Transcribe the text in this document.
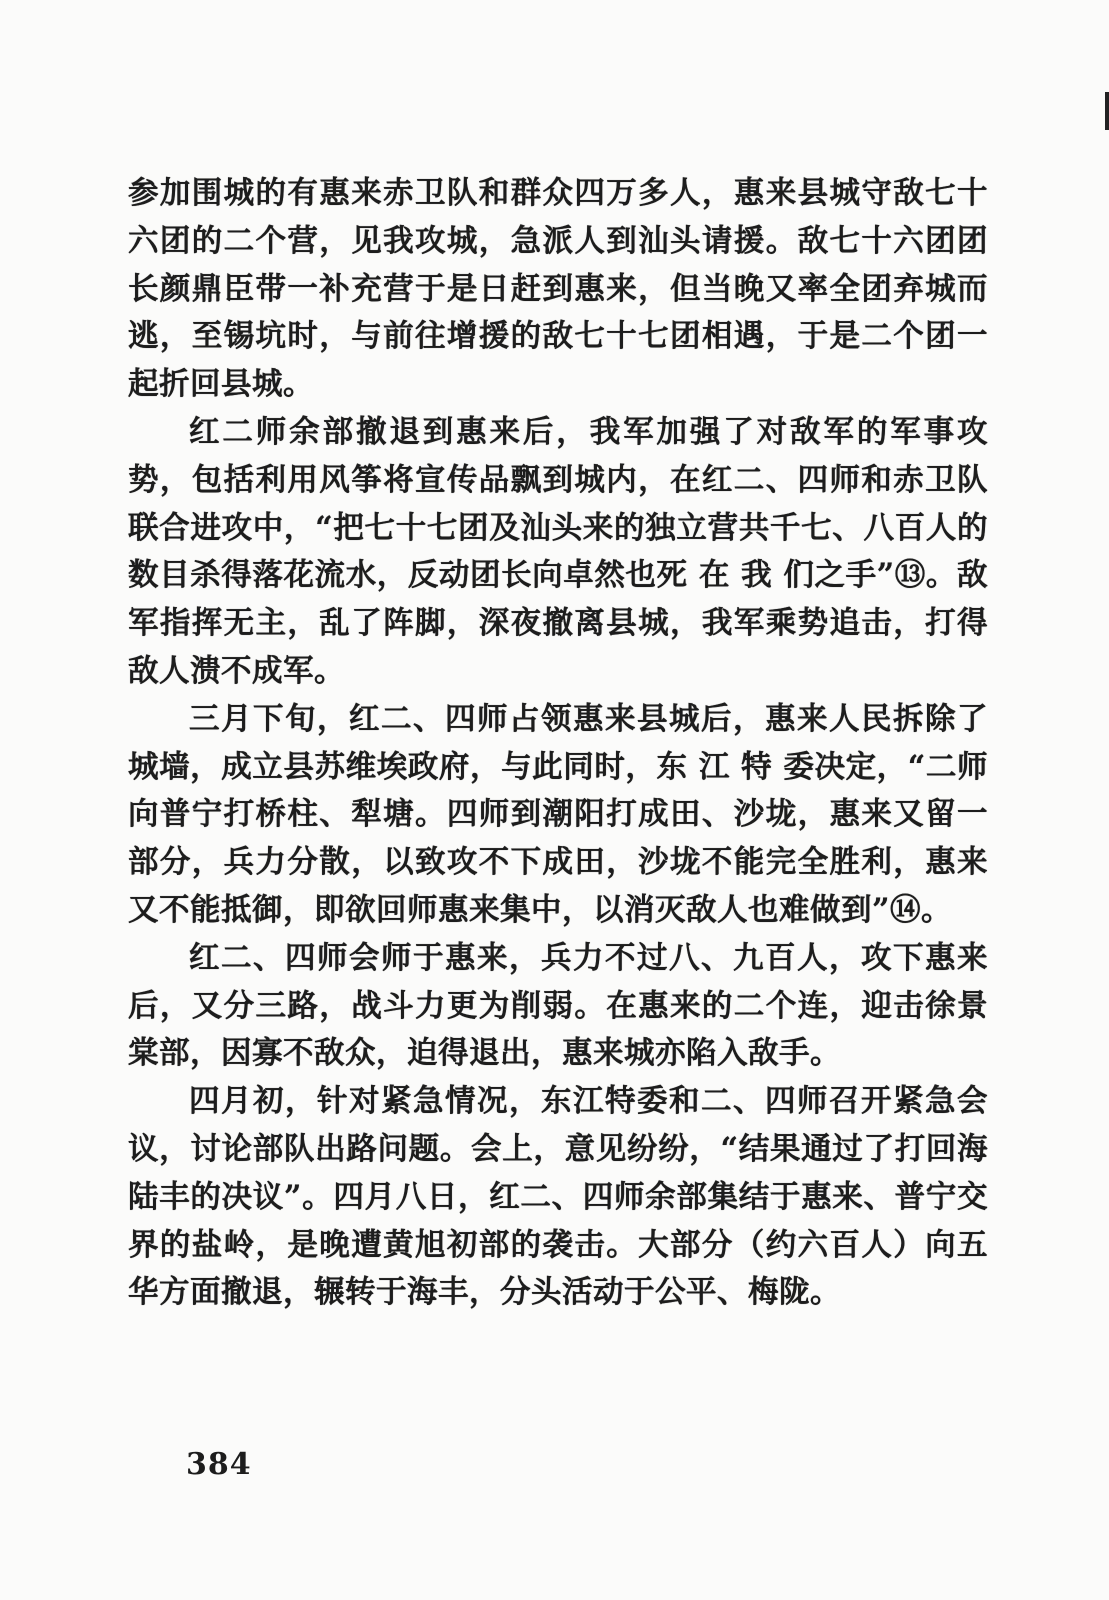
参加围城的有惠来赤卫队和群众四万多人，惠来县城守敌七十六团的二个营，见我攻城，急派人到汕头请援。敌七十六团团长颜鼎臣带一补充营于是日赶到惠来，但当晚又率全团弃城而逃，至锡坑时，与前往增援的敌七十七团相遇，于是二个团一起折回县城。

红二师余部撤退到惠来后，我军加强了对敌军的军事攻势，包括利用风筝将宣传品飘到城内，在红二、四师和赤卫队联合进攻中，“把七十七团及汕头来的独立营共千七、八百人的数目杀得落花流水，反动团长向卓然也死 在 我 们之手”⑬。敌军指挥无主，乱了阵脚，深夜撤离县城，我军乘势追击，打得敌人溃不成军。

三月下旬，红二、四师占领惠来县城后，惠来人民拆除了城墙，成立县苏维埃政府，与此同时，东 江 特 委决定，“二师向普宁打桥柱、犁塘。四师到潮阳打成田、沙垅，惠来又留一部分，兵力分散，以致攻不下成田，沙垅不能完全胜利，惠来又不能抵御，即欲回师惠来集中，以消灭敌人也难做到”⑭。

红二、四师会师于惠来，兵力不过八、九百人，攻下惠来后，又分三路，战斗力更为削弱。在惠来的二个连，迎击徐景棠部，因寡不敌众，迫得退出，惠来城亦陷入敌手。

四月初，针对紧急情况，东江特委和二、四师召开紧急会议，讨论部队出路问题。会上，意见纷纷，“结果通过了打回海陆丰的决议”。四月八日，红二、四师余部集结于惠来、普宁交界的盐岭，是晚遭黄旭初部的袭击。大部分（约六百人）向五华方面撤退，辗转于海丰，分头活动于公平、梅陇。

384
